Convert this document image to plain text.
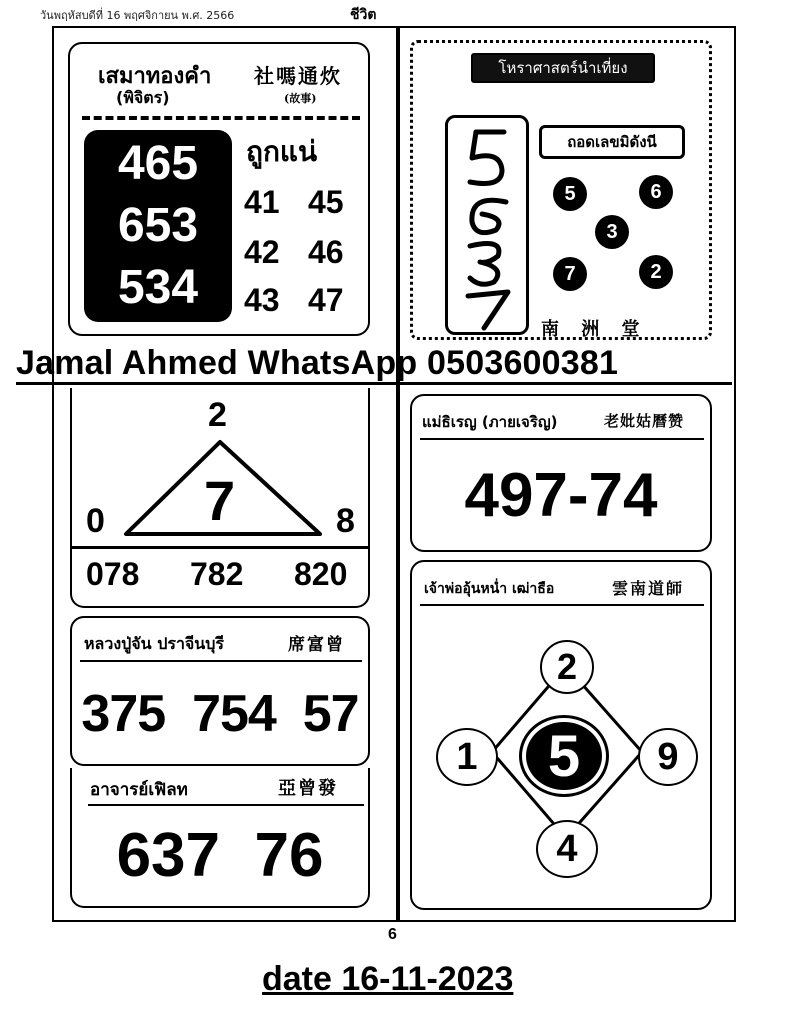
วันพฤหัสบดีที่ 16 พฤศจิกายน พ.ศ. 2566	ชีวิต
เสมาทองคำ
(พิจิตร)
社嗎通炊
(故事)
465
653
534
ถูกแน่
41 45
42 46
43 47
โหราศาสตร์นำเที่ยง
ถอดเลขมิดังนี
5	6
3
7	2
南 洲 堂
Jamal Ahmed WhatsApp 0503600381
2
7
0	8
078 782 820
แม่ธิเรญ (ภายเจริญ)	老妣姑曆赞
497-74
หลวงปู่จัน ปราจีนบุรี	席富曾
375  754  57
เจ้าพ่ออุ้นหน่ำ เฒ่าธือ	雲南道師
2
1	5	9
4
อาจารย์เฟิลท	亞曾發
637  76
6
date 16-11-2023
